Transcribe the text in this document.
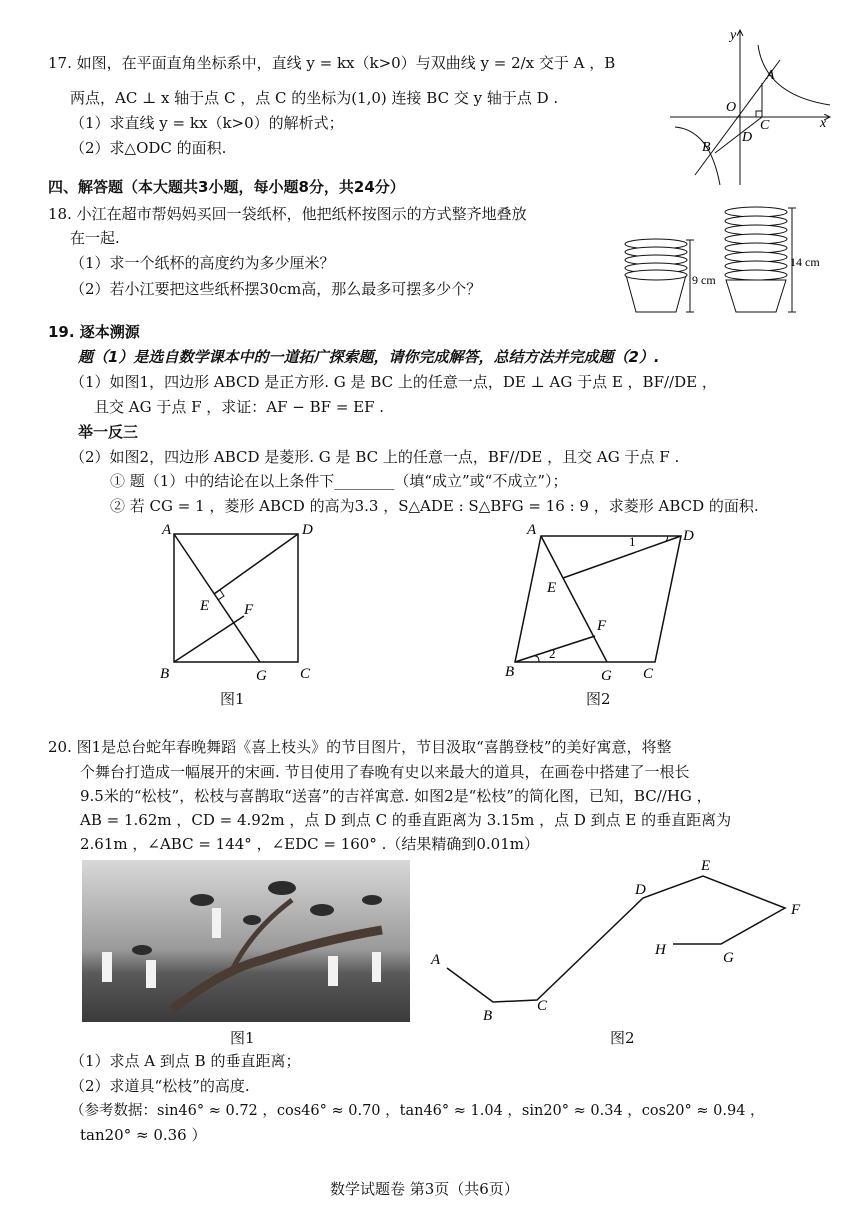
17. 如图，在平面直角坐标系中，直线 y = kx（k>0）与双曲线 y = 2/x 交于 A ，B
两点，AC ⊥ x 轴于点 C ，点 C 的坐标为(1,0) 连接 BC 交 y 轴于点 D .
（1）求直线 y = kx（k>0）的解析式；
（2）求△ODC 的面积.
y
x
O
A
B
C
D
四、解答题（本大题共3小题，每小题8分，共24分）
18. 小江在超市帮妈妈买回一袋纸杯，他把纸杯按图示的方式整齐地叠放
在一起.
（1）求一个纸杯的高度约为多少厘米？
（2）若小江要把这些纸杯摆30cm高，那么最多可摆多少个？	9 cm
14 cm
19. 逐本溯源
题（1）是选自数学课本中的一道拓广探索题，请你完成解答，总结方法并完成题（2）.
（1）如图1，四边形 ABCD 是正方形. G 是 BC 上的任意一点，DE ⊥ AG 于点 E ，BF//DE ，
且交 AG 于点 F ，求证：AF − BF = EF .
举一反三
（2）如图2，四边形 ABCD 是菱形. G 是 BC 上的任意一点，BF//DE ，且交 AG 于点 F .
① 题（1）中的结论在以上条件下________（填“成立”或“不成立”）；
② 若 CG = 1 ，菱形 ABCD 的高为3.3 ，S△ADE : S△BFG = 16 : 9 ，求菱形 ABCD 的面积.
A	D
B	C
E F
G
图1
A	D
B	C
E
F
G
1
2
图2
20. 图1是总台蛇年春晚舞蹈《喜上枝头》的节目图片，节目汲取“喜鹊登枝”的美好寓意，将整
个舞台打造成一幅展开的宋画. 节目使用了春晚有史以来最大的道具，在画卷中搭建了一根长
9.5米的“松枝”，松枝与喜鹊取“送喜”的吉祥寓意. 如图2是“松枝”的简化图，已知，BC//HG ，
AB = 1.62m ，CD = 4.92m ，点 D 到点 C 的垂直距离为 3.15m ，点 D 到点 E 的垂直距离为
2.61m ，∠ABC = 144° ，∠EDC = 160° .（结果精确到0.01m）
图1
A
B
C
D
E
F
G
H
图2
（1）求点 A 到点 B 的垂直距离；
（2）求道具“松枝”的高度.
（参考数据：sin46° ≈ 0.72 ，cos46° ≈ 0.70 ，tan46° ≈ 1.04 ，sin20° ≈ 0.34 ，cos20° ≈ 0.94 ，
tan20° ≈ 0.36 ）
数学试题卷 第3页（共6页）
